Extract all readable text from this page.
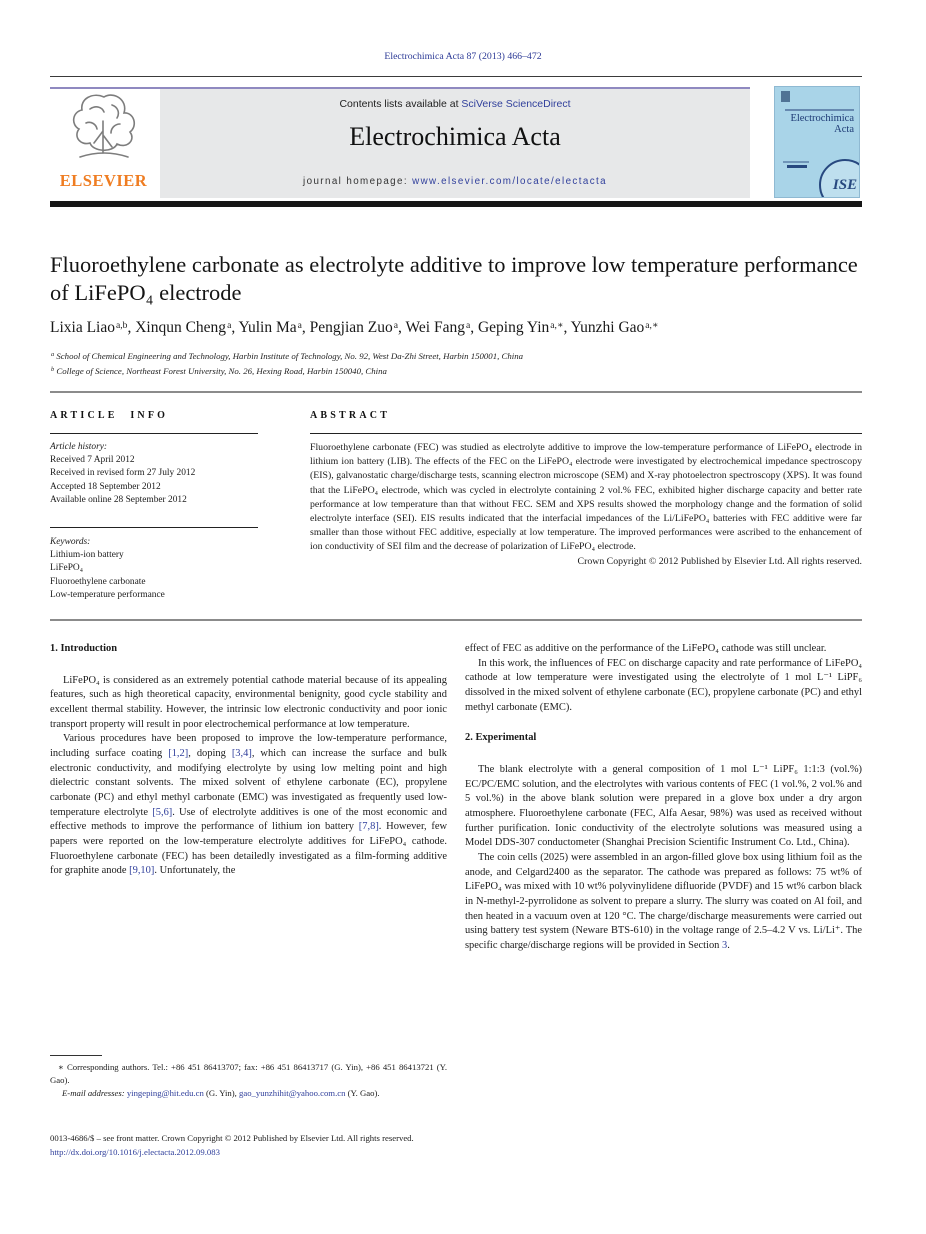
Electrochimica Acta 87 (2013) 466–472
ELSEVIER
Contents lists available at SciVerse ScienceDirect
Electrochimica Acta
journal homepage: www.elsevier.com/locate/electacta
Electrochimica
Acta
ISE
Fluoroethylene carbonate as electrolyte additive to improve low temperature performance of LiFePO₄ electrode
Lixia Liao$^{a,b}$, Xinqun Cheng$^a$, Yulin Ma$^a$, Pengjian Zuo$^a$, Wei Fang$^a$, Geping Yin$^{a,∗}$, Yunzhi Gao$^{a,∗}$
$^a$ School of Chemical Engineering and Technology, Harbin Institute of Technology, No. 92, West Da-Zhi Street, Harbin 150001, China
$^b$ College of Science, Northeast Forest University, No. 26, Hexing Road, Harbin 150040, China
ARTICLE INFO	ABSTRACT
Article history:
Received 7 April 2012
Received in revised form 27 July 2012
Accepted 18 September 2012
Available online 28 September 2012
Keywords:
Lithium-ion battery
LiFePO₄
Fluoroethylene carbonate
Low-temperature performance
Fluoroethylene carbonate (FEC) was studied as electrolyte additive to improve the low-temperature performance of LiFePO₄ electrode in lithium ion battery (LIB). The effects of the FEC on the LiFePO₄ electrode were investigated by electrochemical impedance spectroscopy (EIS), galvanostatic charge/discharge tests, scanning electron microscope (SEM) and X-ray photoelectron spectroscopy (XPS). It was found that the LiFePO₄ electrode, which was cycled in electrolyte containing 2 vol.% FEC, exhibited higher discharge capacity and better rate performance at low temperature than that without FEC. SEM and XPS results showed the morphology change and the formation of solid electrolyte interface (SEI). EIS results indicated that the interfacial impedances of the Li/LiFePO₄ batteries with FEC additive were far smaller than those without FEC additive, especially at low temperature. The improved performances were ascribed to the enhancement of ion conductivity of SEI film and the decrease of polarization of LiFePO₄ electrode.
Crown Copyright © 2012 Published by Elsevier Ltd. All rights reserved.
1. Introduction

LiFePO₄ is considered as an extremely potential cathode material because of its appealing features, such as high theoretical capacity, environmental benignity, good cycle stability and excellent thermal stability. However, the intrinsic low electronic conductivity and poor ionic transport property will result in poor electrochemical performance at low temperature.

Various procedures have been proposed to improve the low-temperature performance, including surface coating [1,2], doping [3,4], which can increase the surface and bulk electronic conductivity, and modifying electrolyte by using low melting point and high dielectric constant solvents. The mixed solvent of ethylene carbonate (EC), propylene carbonate (PC) and ethyl methyl carbonate (EMC) was investigated as frequently used low-temperature electrolyte [5,6]. Use of electrolyte additives is one of the most economic and effective methods to improve the performance of lithium ion battery [7,8]. However, few papers were reported on the low-temperature electrolyte additives for LiFePO₄ cathode. Fluoroethylene carbonate (FEC) has been detailedly investigated as a film-forming additive for graphite anode [9,10]. Unfortunately, the

effect of FEC as additive on the performance of the LiFePO₄ cathode was still unclear.

In this work, the influences of FEC on discharge capacity and rate performance of LiFePO₄ cathode at low temperature were investigated using the electrolyte of 1 mol L⁻¹ LiPF₆ dissolved in the mixed solvent of ethylene carbonate (EC), propylene carbonate (PC) and ethyl methyl carbonate (EMC).

2. Experimental

The blank electrolyte with a general composition of 1 mol L⁻¹ LiPF₆ 1:1:3 (vol.%) EC/PC/EMC solution, and the electrolytes with various contents of FEC (1 vol.%, 2 vol.% and 5 vol.%) in the above blank solution were prepared in a glove box under a dry argon atmosphere. Fluoroethylene carbonate (FEC, Alfa Aesar, 98%) was used as received without further purification. Ionic conductivity of the electrolyte solutions was measured using a Model DDS-307 conductometer (Shanghai Precision Scientific Instrument Co. Ltd., China).

The coin cells (2025) were assembled in an argon-filled glove box using lithium foil as the anode, and Celgard2400 as the separator. The cathode was prepared as follows: 75 wt% of LiFePO₄ was mixed with 10 wt% polyvinylidene difluoride (PVDF) and 15 wt% carbon black in N-methyl-2-pyrrolidone as solvent to prepare a slurry. The slurry was coated on Al foil, and then heated in a vacuum oven at 120 °C. The charge/discharge measurements were carried out using battery test system (Neware BTS-610) in the voltage range of 2.5–4.2 V vs. Li/Li⁺. The specific charge/discharge regions will be provided in Section 3.

∗ Corresponding authors. Tel.: +86 451 86413707; fax: +86 451 86413717 (G. Yin), +86 451 86413721 (Y. Gao).
E-mail addresses: yingeping@hit.edu.cn (G. Yin), gao_yunzhihit@yahoo.com.cn (Y. Gao).
0013-4686/$ – see front matter. Crown Copyright © 2012 Published by Elsevier Ltd. All rights reserved.
http://dx.doi.org/10.1016/j.electacta.2012.09.083
